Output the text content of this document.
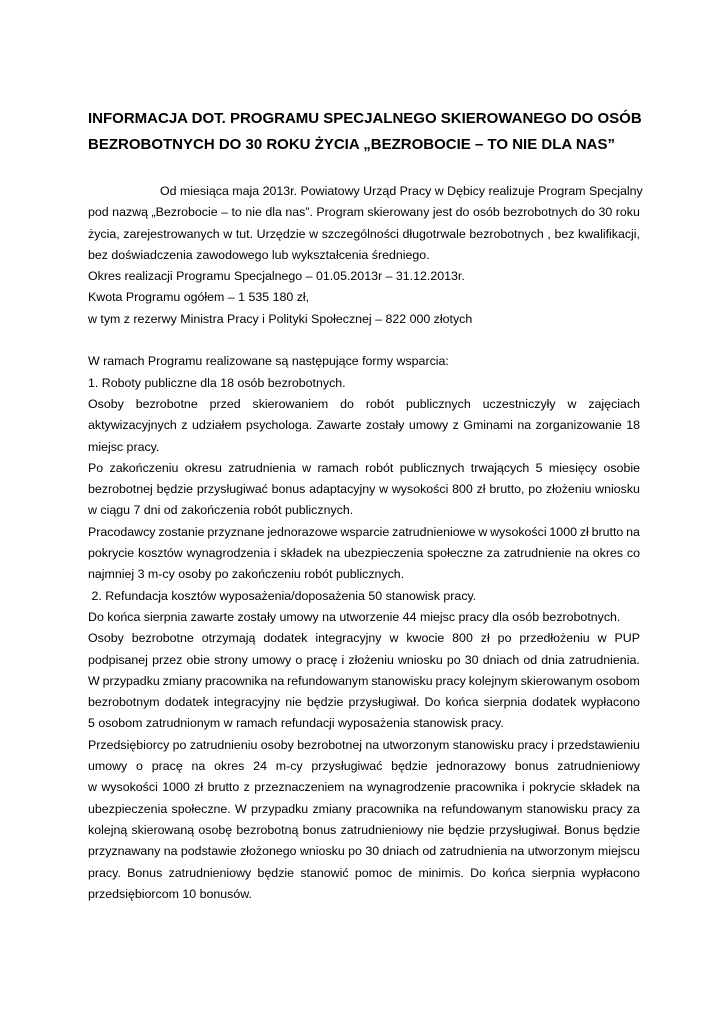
INFORMACJA DOT. PROGRAMU SPECJALNEGO SKIEROWANEGO DO OSÓB
BEZROBOTNYCH DO 30 ROKU ŻYCIA „BEZROBOCIE – TO NIE DLA NAS”
Od miesiąca maja 2013r. Powiatowy Urząd Pracy w Dębicy realizuje Program Specjalny
pod nazwą „Bezrobocie – to nie dla nas”. Program skierowany jest do osób bezrobotnych do 30 roku
życia, zarejestrowanych w tut. Urzędzie w szczególności długotrwale bezrobotnych , bez kwalifikacji,
bez doświadczenia zawodowego lub wykształcenia średniego.
Okres realizacji Programu Specjalnego – 01.05.2013r – 31.12.2013r.
Kwota Programu ogółem – 1 535 180 zł,
w tym z rezerwy Ministra Pracy i Polityki Społecznej – 822 000 złotych
W ramach Programu realizowane są następujące formy wsparcia:
1. Roboty publiczne dla 18 osób bezrobotnych.
Osoby bezrobotne przed skierowaniem do robót publicznych uczestniczyły w zajęciach
aktywizacyjnych z udziałem psychologa. Zawarte zostały umowy z Gminami na zorganizowanie 18
miejsc pracy.
Po zakończeniu okresu zatrudnienia w ramach robót publicznych trwających 5 miesięcy osobie
bezrobotnej będzie przysługiwać bonus adaptacyjny w wysokości 800 zł brutto, po złożeniu wniosku
w ciągu 7 dni od zakończenia robót publicznych.
Pracodawcy zostanie przyznane jednorazowe wsparcie zatrudnieniowe w wysokości 1000 zł brutto na
pokrycie kosztów wynagrodzenia i składek na ubezpieczenia społeczne za zatrudnienie na okres co
najmniej 3 m-cy osoby po zakończeniu robót publicznych.
2. Refundacja kosztów wyposażenia/doposażenia 50 stanowisk pracy.
Do końca sierpnia zawarte zostały umowy na utworzenie 44 miejsc pracy dla osób bezrobotnych.
Osoby bezrobotne otrzymają dodatek integracyjny w kwocie 800 zł po przedłożeniu w PUP
podpisanej przez obie strony umowy o pracę i złożeniu wniosku po 30 dniach od dnia zatrudnienia.
W przypadku zmiany pracownika na refundowanym stanowisku pracy kolejnym skierowanym osobom
bezrobotnym dodatek integracyjny nie będzie przysługiwał. Do końca sierpnia dodatek wypłacono
5 osobom zatrudnionym w ramach refundacji wyposażenia stanowisk pracy.
Przedsiębiorcy po zatrudnieniu osoby bezrobotnej na utworzonym stanowisku pracy i przedstawieniu
umowy o pracę na okres 24 m-cy przysługiwać będzie jednorazowy bonus zatrudnieniowy
w wysokości 1000 zł brutto z przeznaczeniem na wynagrodzenie pracownika i pokrycie składek na
ubezpieczenia społeczne. W przypadku zmiany pracownika na refundowanym stanowisku pracy za
kolejną skierowaną osobę bezrobotną bonus zatrudnieniowy nie będzie przysługiwał. Bonus będzie
przyznawany na podstawie złożonego wniosku po 30 dniach od zatrudnienia na utworzonym miejscu
pracy. Bonus zatrudnieniowy będzie stanowić pomoc de minimis. Do końca sierpnia wypłacono
przedsiębiorcom 10 bonusów.
